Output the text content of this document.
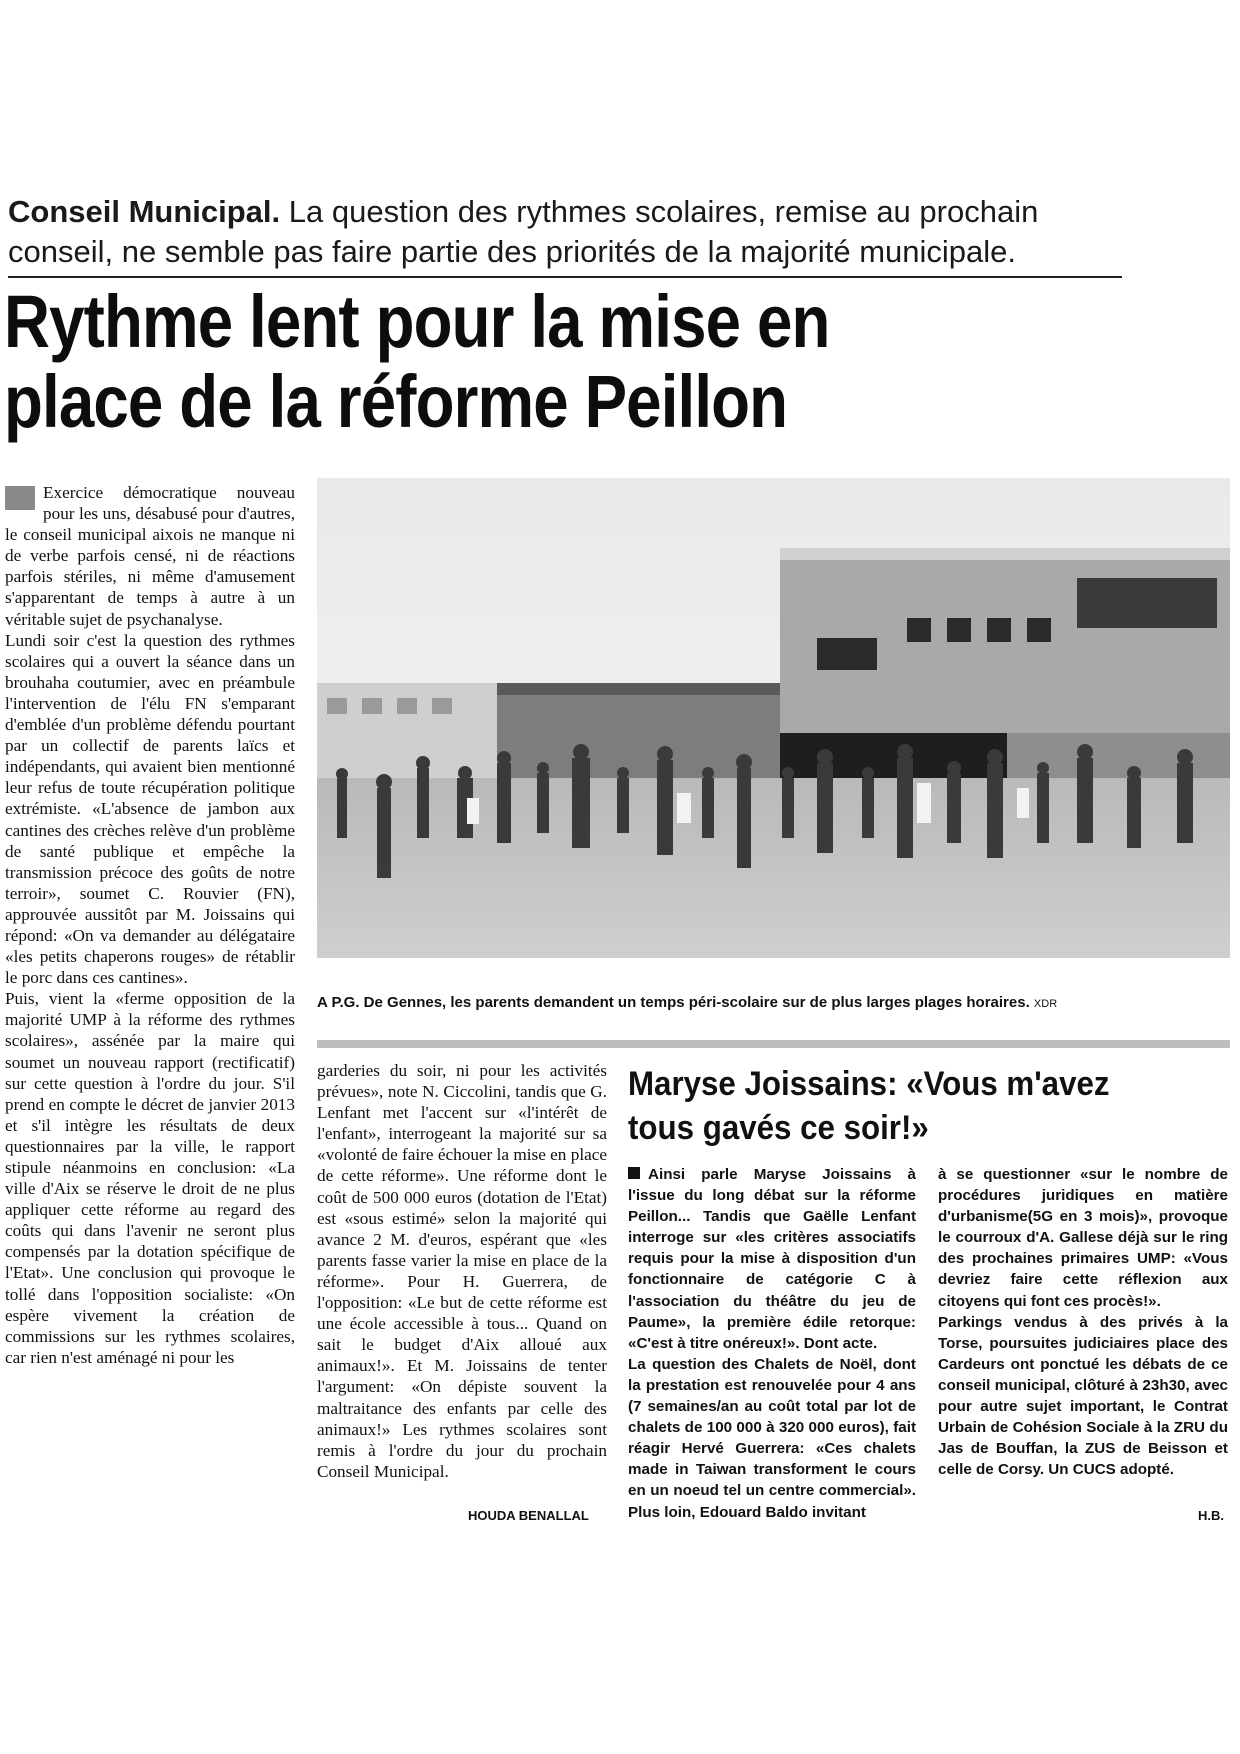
Conseil Municipal. La question des rythmes scolaires, remise au prochain conseil, ne semble pas faire partie des priorités de la majorité municipale.
Rythme lent pour la mise en
place de la réforme Peillon

Exercice démocratique nouveau pour les uns, désabusé pour d'autres, le conseil municipal aixois ne manque ni de verbe parfois censé, ni de réactions parfois stériles, ni même d'amusement s'apparentant de temps à autre à un véritable sujet de psychanalyse.

Lundi soir c'est la question des rythmes scolaires qui a ouvert la séance dans un brouhaha coutumier, avec en préambule l'intervention de l'élu FN s'emparant d'emblée d'un problème défendu pourtant par un collectif de parents laïcs et indépendants, qui avaient bien mentionné leur refus de toute récupération politique extrémiste. «L'absence de jambon aux cantines des crèches relève d'un problème de santé publique et empêche la transmission précoce des goûts de notre terroir», soumet C. Rouvier (FN), approuvée aussitôt par M. Joissains qui répond: «On va demander au délégataire «les petits chaperons rouges» de rétablir le porc dans ces cantines».

Puis, vient la «ferme opposition de la majorité UMP à la réforme des rythmes scolaires», assénée par la maire qui soumet un nouveau rapport (rectificatif) sur cette question à l'ordre du jour. S'il prend en compte le décret de janvier 2013 et s'il intègre les résultats de deux questionnaires par la ville, le rapport stipule néanmoins en conclusion: «La ville d'Aix se réserve le droit de ne plus appliquer cette réforme au regard des coûts qui dans l'avenir ne seront plus compensés par la dotation spécifique de l'Etat». Une conclusion qui provoque le tollé dans l'opposition socialiste: «On espère vivement la création de commissions sur les rythmes scolaires, car rien n'est aménagé ni pour les

A P.G. De Gennes, les parents demandent un temps péri-scolaire sur de plus larges plages horaires. XDR

garderies du soir, ni pour les activités prévues», note N. Ciccolini, tandis que G. Lenfant met l'accent sur «l'intérêt de l'enfant», interrogeant la majorité sur sa «volonté de faire échouer la mise en place de cette réforme». Une réforme dont le coût de 500 000 euros (dotation de l'Etat) est «sous estimé» selon la majorité qui avance 2 M. d'euros, espérant que «les parents fasse varier la mise en place de la réforme». Pour H. Guerrera, de l'opposition: «Le but de cette réforme est une école accessible à tous... Quand on sait le budget d'Aix alloué aux animaux!». Et M. Joissains de tenter l'argument: «On dépiste souvent la maltraitance des enfants par celle des animaux!» Les rythmes scolaires sont remis à l'ordre du jour du prochain Conseil Municipal.

HOUDA BENALLAL
Maryse Joissains: «Vous m'avez tous gavés ce soir!»

Ainsi parle Maryse Joissains à l'issue du long débat sur la réforme Peillon... Tandis que Gaëlle Lenfant interroge sur «les critères associatifs requis pour la mise à disposition d'un fonctionnaire de catégorie C à l'association du théâtre du jeu de Paume», la première édile retorque: «C'est à titre onéreux!». Dont acte.

La question des Chalets de Noël, dont la prestation est renouvelée pour 4 ans (7 semaines/an au coût total par lot de chalets de 100 000 à 320 000 euros), fait réagir Hervé Guerrera: «Ces chalets made in Taiwan transforment le cours en un noeud tel un centre commercial». Plus loin, Edouard Baldo invitant

à se questionner «sur le nombre de procédures juridiques en matière d'urbanisme(5G en 3 mois)», provoque le courroux d'A. Gallese déjà sur le ring des prochaines primaires UMP: «Vous devriez faire cette réflexion aux citoyens qui font ces procès!».

Parkings vendus à des privés à la Torse, poursuites judiciaires place des Cardeurs ont ponctué les débats de ce conseil municipal, clôturé à 23h30, avec pour autre sujet important, le Contrat Urbain de Cohésion Sociale à la ZRU du Jas de Bouffan, la ZUS de Beisson et celle de Corsy. Un CUCS adopté.

H.B.
